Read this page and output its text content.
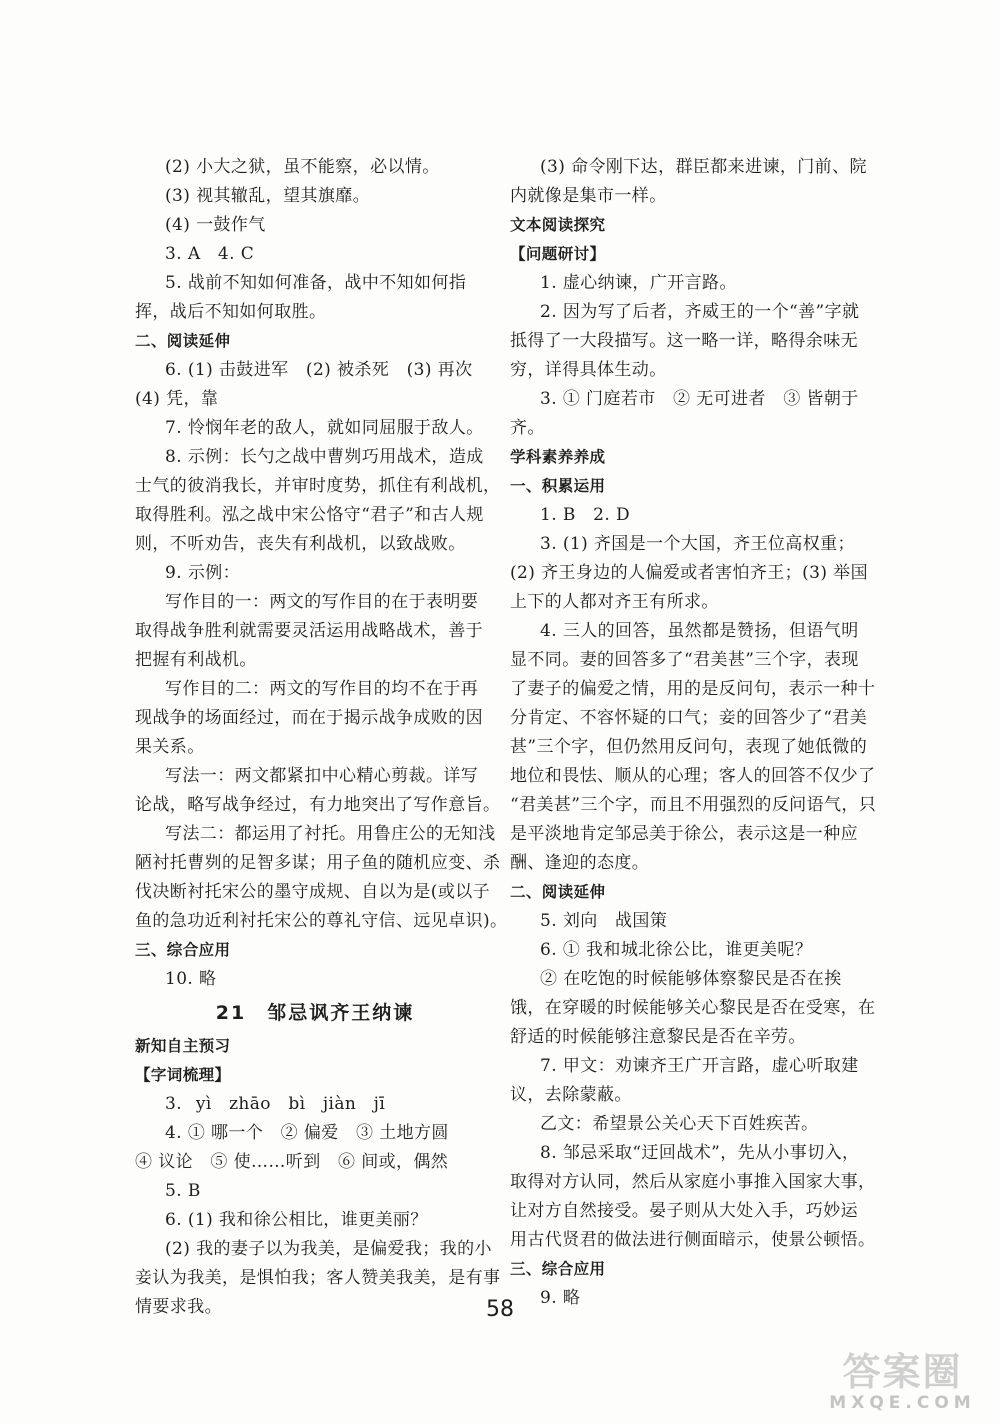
(2) 小大之狱，虽不能察，必以情。
(3) 视其辙乱，望其旗靡。
(4) 一鼓作气
3. A　4. C
5. 战前不知如何准备，战中不知如何指
挥，战后不知如何取胜。
二、阅读延伸
6. (1) 击鼓进军　(2) 被杀死　(3) 再次
(4) 凭，靠
7. 怜悯年老的敌人，就如同屈服于敌人。
8. 示例：长勺之战中曹刿巧用战术，造成
士气的彼消我长，并审时度势，抓住有利战机，
取得胜利。泓之战中宋公恪守“君子”和古人规
则，不听劝告，丧失有利战机，以致战败。
9. 示例：
写作目的一：两文的写作目的在于表明要
取得战争胜利就需要灵活运用战略战术，善于
把握有利战机。
写作目的二：两文的写作目的均不在于再
现战争的场面经过，而在于揭示战争成败的因
果关系。
写法一：两文都紧扣中心精心剪裁。详写
论战，略写战争经过，有力地突出了写作意旨。
写法二：都运用了衬托。用鲁庄公的无知浅
陋衬托曹刿的足智多谋；用子鱼的随机应变、杀
伐决断衬托宋公的墨守成规、自以为是(或以子
鱼的急功近利衬托宋公的尊礼守信、远见卓识)。
三、综合应用
10. 略
21　邹忌讽齐王纳谏
新知自主预习
【字词梳理】
3. yì　zhāo　bì　jiàn　jī
4. ① 哪一个　② 偏爱　③ 土地方圆
④ 议论　⑤ 使……听到　⑥ 间或，偶然
5. B
6. (1) 我和徐公相比，谁更美丽？
(2) 我的妻子以为我美，是偏爱我；我的小
妾认为我美，是惧怕我；客人赞美我美，是有事
情要求我。
(3) 命令刚下达，群臣都来进谏，门前、院
内就像是集市一样。
文本阅读探究
【问题研讨】
1. 虚心纳谏，广开言路。
2. 因为写了后者，齐威王的一个“善”字就
抵得了一大段描写。这一略一详，略得余味无
穷，详得具体生动。
3. ① 门庭若市　② 无可进者　③ 皆朝于
齐。
学科素养养成
一、积累运用
1. B　2. D
3. (1) 齐国是一个大国，齐王位高权重；
(2) 齐王身边的人偏爱或者害怕齐王；(3) 举国
上下的人都对齐王有所求。
4. 三人的回答，虽然都是赞扬，但语气明
显不同。妻的回答多了“君美甚”三个字，表现
了妻子的偏爱之情，用的是反问句，表示一种十
分肯定、不容怀疑的口气；妾的回答少了“君美
甚”三个字，但仍然用反问句，表现了她低微的
地位和畏怯、顺从的心理；客人的回答不仅少了
“君美甚”三个字，而且不用强烈的反问语气，只
是平淡地肯定邹忌美于徐公，表示这是一种应
酬、逢迎的态度。
二、阅读延伸
5. 刘向　战国策
6. ① 我和城北徐公比，谁更美呢？
② 在吃饱的时候能够体察黎民是否在挨
饿，在穿暖的时候能够关心黎民是否在受寒，在
舒适的时候能够注意黎民是否在辛劳。
7. 甲文：劝谏齐王广开言路，虚心听取建
议，去除蒙蔽。
乙文：希望景公关心天下百姓疾苦。
8. 邹忌采取“迂回战术”，先从小事切入，
取得对方认同，然后从家庭小事推入国家大事，
让对方自然接受。晏子则从大处入手，巧妙运
用古代贤君的做法进行侧面暗示，使景公顿悟。
三、综合应用
9. 略
58
答案圈
MXQE.COM
